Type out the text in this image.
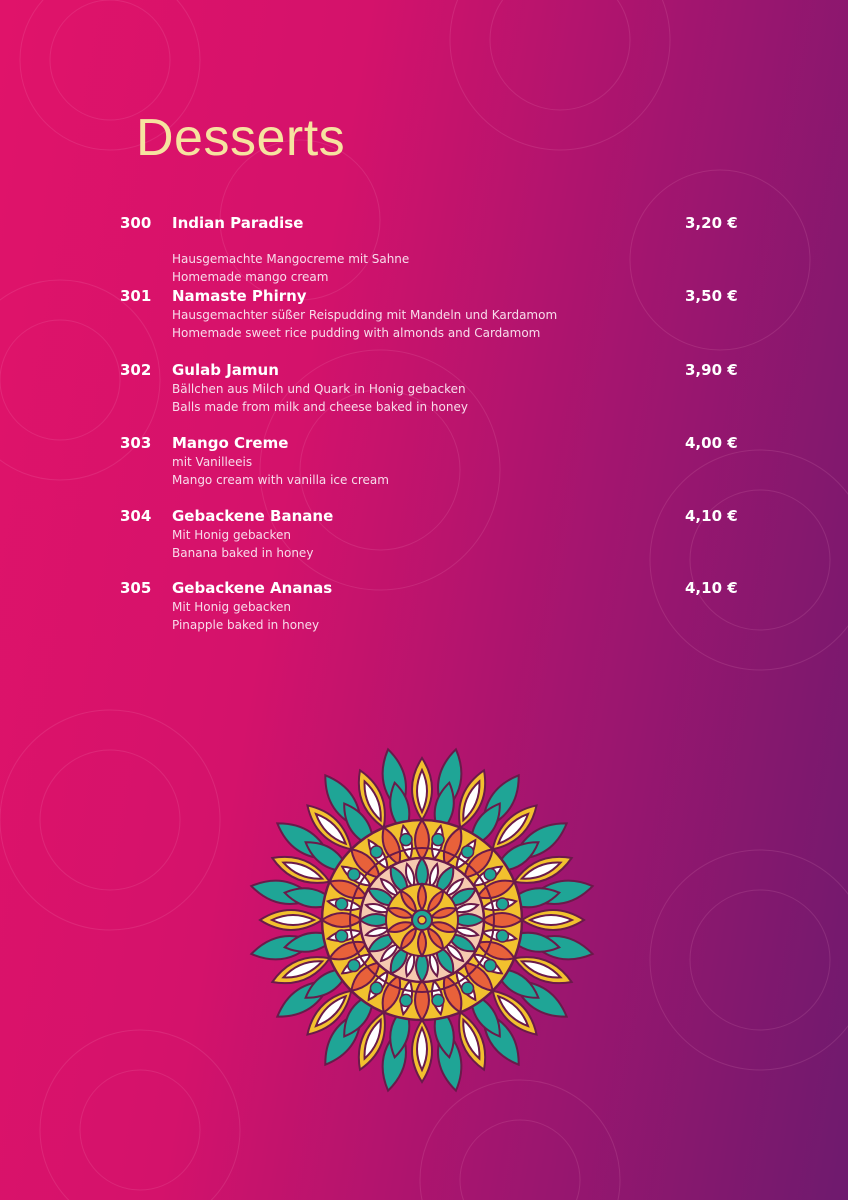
Desserts
300 Indian Paradise	3,20 €
Hausgemachte Mangocreme mit Sahne
Homemade mango cream
301 Namaste Phirny	3,50 €
Hausgemachter süßer Reispudding mit Mandeln und Kardamom
Homemade sweet rice pudding with almonds and Cardamom
302 Gulab Jamun	3,90 €
Bällchen aus Milch und Quark in Honig gebacken
Balls made from milk and cheese baked in honey
303 Mango Creme	4,00 €
mit Vanilleeis
Mango cream with vanilla ice cream
304 Gebackene Banane	4,10 €
Mit Honig gebacken
Banana baked in honey
305 Gebackene Ananas	4,10 €
Mit Honig gebacken
Pinapple baked in honey
